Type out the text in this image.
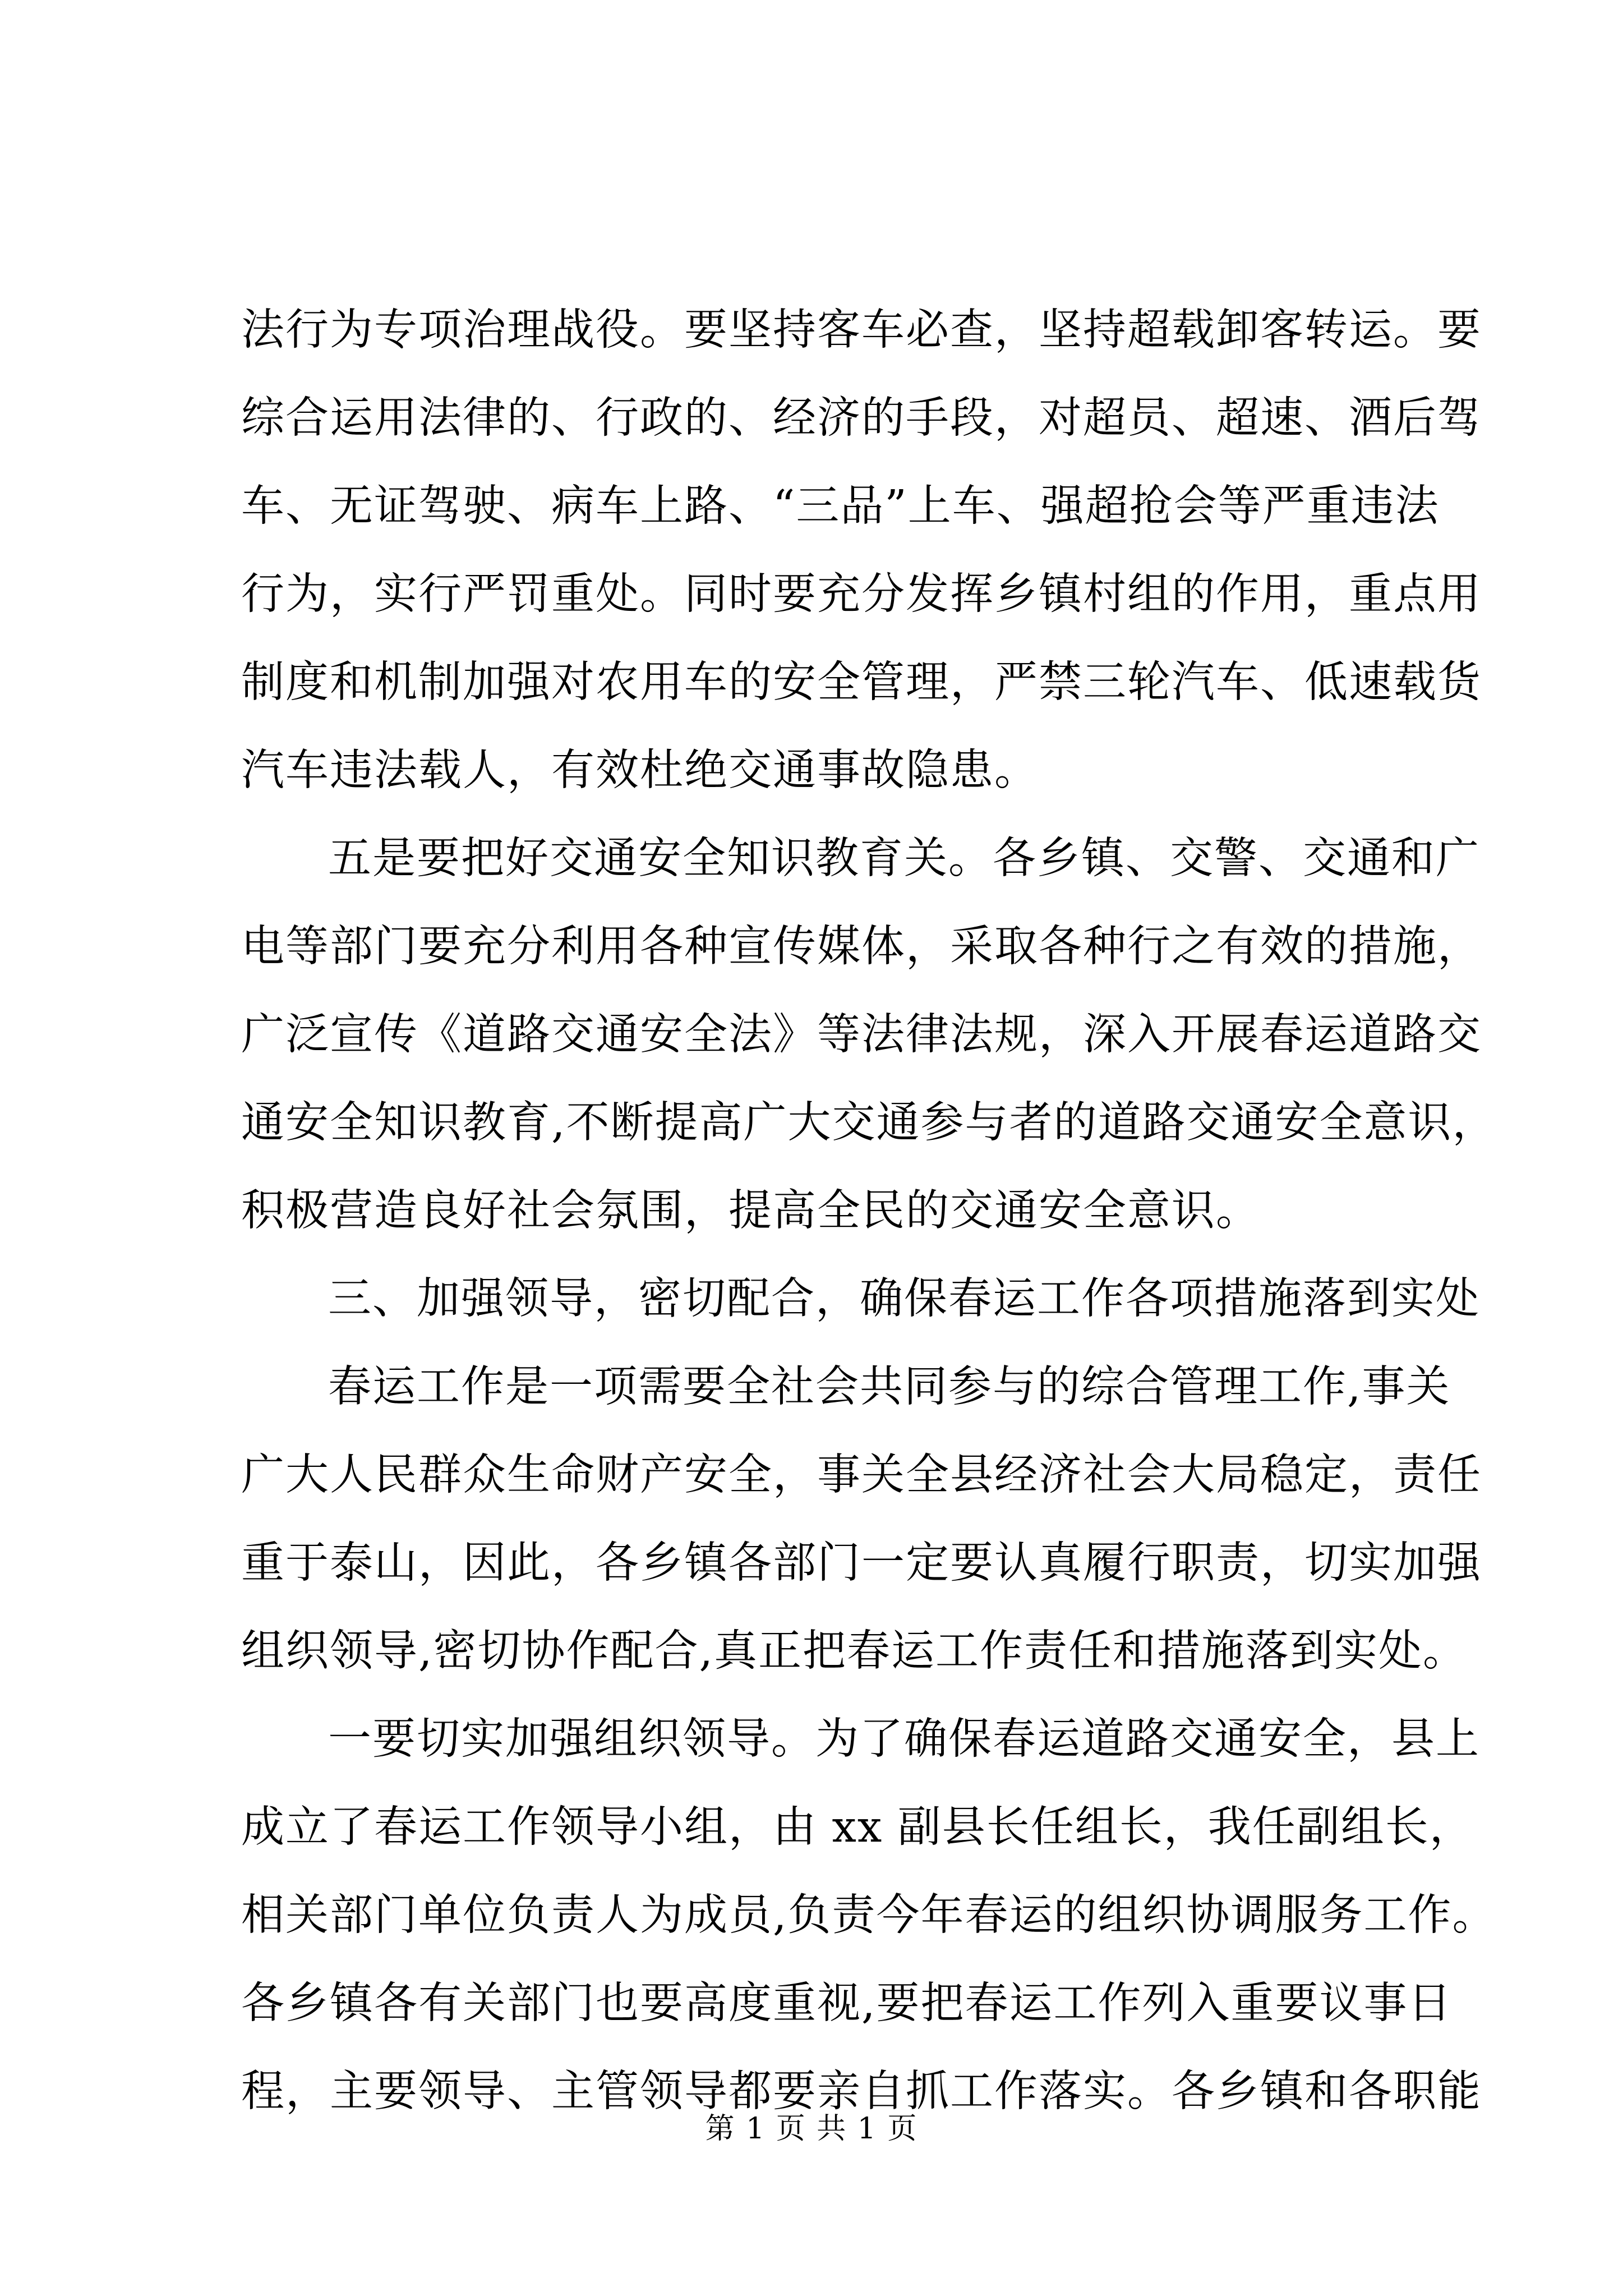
法行为专项治理战役。要坚持客车必查，坚持超载卸客转运。要
综合运用法律的、行政的、经济的手段，对超员、超速、酒后驾
车、无证驾驶、病车上路、“三品”上车、强超抢会等严重违法
行为，实行严罚重处。同时要充分发挥乡镇村组的作用，重点用
制度和机制加强对农用车的安全管理，严禁三轮汽车、低速载货
汽车违法载人，有效杜绝交通事故隐患。
五是要把好交通安全知识教育关。各乡镇、交警、交通和广
电等部门要充分利用各种宣传媒体，采取各种行之有效的措施，
广泛宣传《道路交通安全法》等法律法规，深入开展春运道路交
通安全知识教育,不断提高广大交通参与者的道路交通安全意识，
积极营造良好社会氛围，提高全民的交通安全意识。
三、加强领导，密切配合，确保春运工作各项措施落到实处
春运工作是一项需要全社会共同参与的综合管理工作,事关
广大人民群众生命财产安全，事关全县经济社会大局稳定，责任
重于泰山，因此，各乡镇各部门一定要认真履行职责，切实加强
组织领导,密切协作配合,真正把春运工作责任和措施落到实处。
一要切实加强组织领导。为了确保春运道路交通安全，县上
成立了春运工作领导小组，由 xx 副县长任组长，我任副组长，
相关部门单位负责人为成员,负责今年春运的组织协调服务工作。
各乡镇各有关部门也要高度重视,要把春运工作列入重要议事日
程，主要领导、主管领导都要亲自抓工作落实。各乡镇和各职能
第 1 页 共 1 页
